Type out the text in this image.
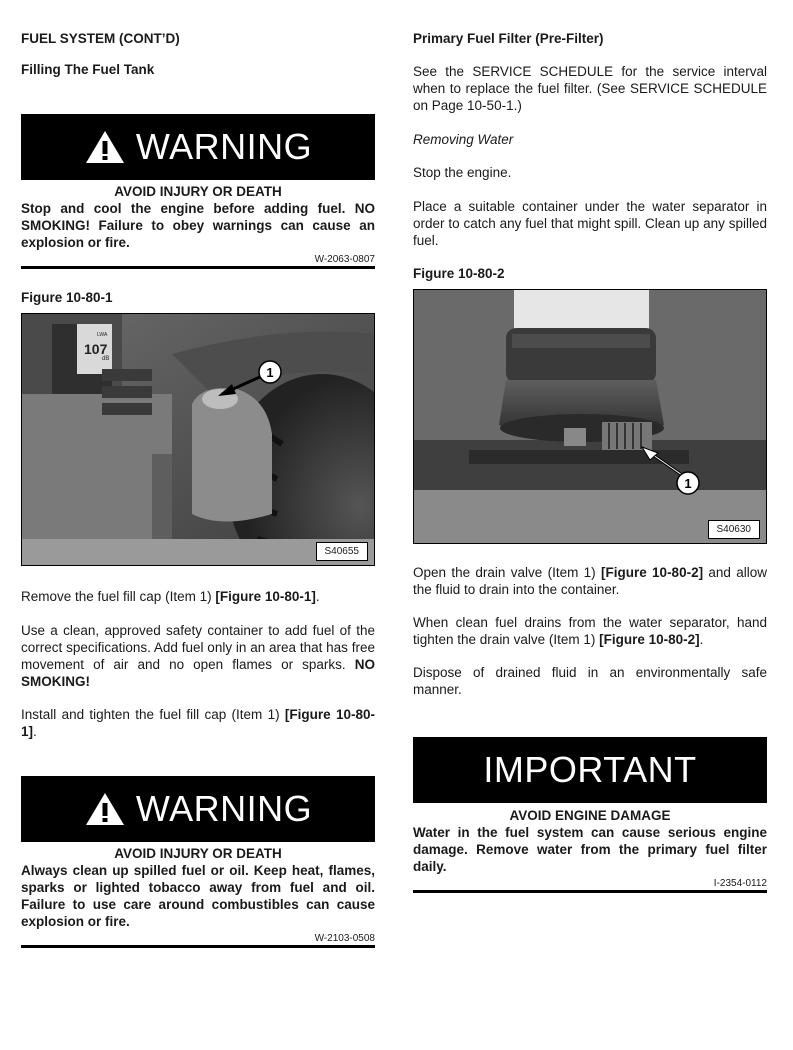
FUEL SYSTEM (CONT’D)
Filling The Fuel Tank
WARNING
AVOID INJURY OR DEATH
Stop and cool the engine before adding fuel. NO SMOKING! Failure to obey warnings can cause an explosion or fire.
W-2063-0807
Figure 10-80-1
1
107
dB
LWA
S40655
Remove the fuel fill cap (Item 1) [Figure 10-80-1].
Use a clean, approved safety container to add fuel of the correct specifications. Add fuel only in an area that has free movement of air and no open flames or sparks. NO SMOKING!
Install and tighten the fuel fill cap (Item 1) [Figure 10-80-1].
WARNING
AVOID INJURY OR DEATH
Always clean up spilled fuel or oil. Keep heat, flames, sparks or lighted tobacco away from fuel and oil. Failure to use care around combustibles can cause explosion or fire.
W-2103-0508
Primary Fuel Filter (Pre-Filter)
See the SERVICE SCHEDULE for the service interval when to replace the fuel filter. (See SERVICE SCHEDULE on Page 10-50-1.)
Removing Water
Stop the engine.
Place a suitable container under the water separator in order to catch any fuel that might spill. Clean up any spilled fuel.
Figure 10-80-2
1
S40630
Open the drain valve (Item 1) [Figure 10-80-2] and allow the fluid to drain into the container.
When clean fuel drains from the water separator, hand tighten the drain valve (Item 1) [Figure 10-80-2].
Dispose of drained fluid in an environmentally safe manner.
IMPORTANT
AVOID ENGINE DAMAGE
Water in the fuel system can cause serious engine damage. Remove water from the primary fuel filter daily.
I-2354-0112
